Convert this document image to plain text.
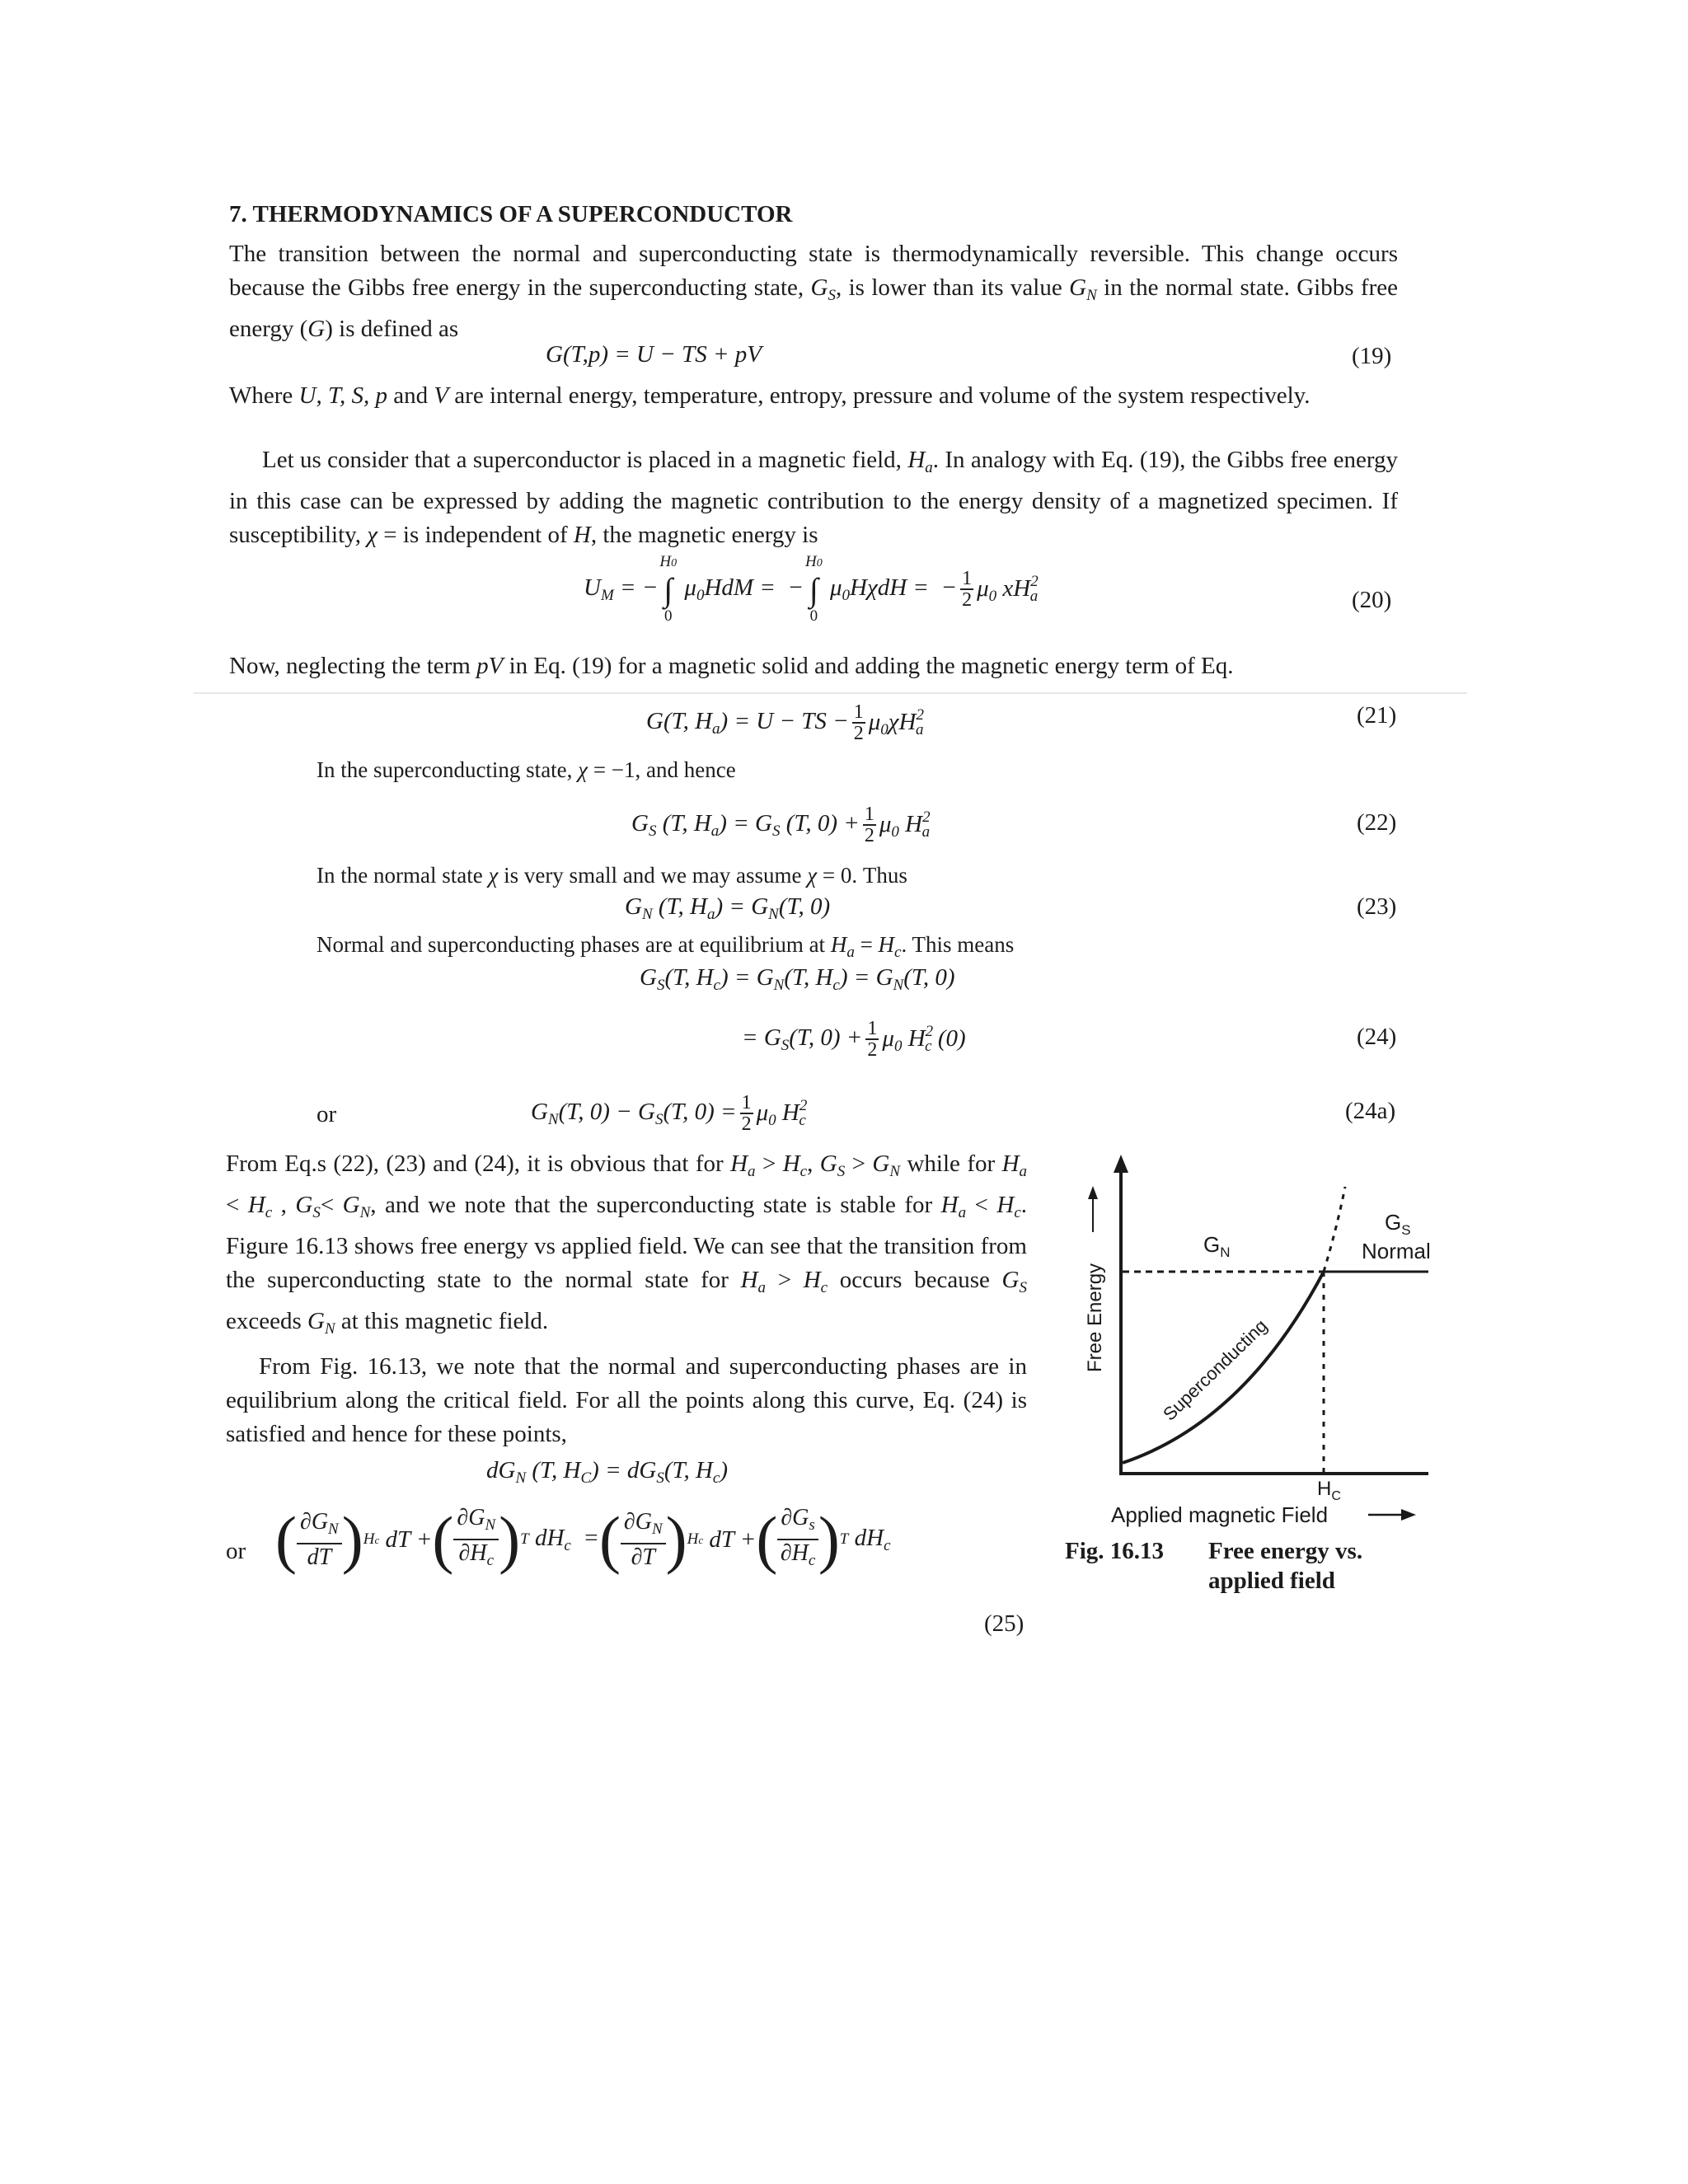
7. THERMODYNAMICS OF A SUPERCONDUCTOR
The transition between the normal and superconducting state is thermodynamically reversible. This change occurs because the Gibbs free energy in the superconducting state, $G_S$, is lower than its value $G_N$ in the normal state. Gibbs free energy (G) is defined as
G(T,p) = U − TS + pV	(19)
Where U, T, S, p and V are internal energy, temperature, entropy, pressure and volume of the system respectively.
Let us consider that a superconductor is placed in a magnetic field, $H_a$. In analogy with Eq. (19), the Gibbs free energy in this case can be expressed by adding the magnetic contribution to the energy density of a magnetized specimen. If susceptibility, χ = is independent of H, the magnetic energy is
$U_M$ = −
H0
∫
0
$\mu_0HdM$ =  −
H0
∫
0
$\mu_0H\chi dH$ =  − $\frac{1}{2} \mu_0$ $xH^2_a$	(20)
Now, neglecting the term pV in Eq. (19) for a magnetic solid and adding the magnetic energy term of Eq.
G(T, $H_a) = U$ − TS − $\frac{1}{2} \mu_0\chi H^2_a$
(21)
In the superconducting state, χ = −1, and hence
$G_S$ (T, $H_a) = G_S$ (T, $0) + \frac{1}{2} \mu_0$ $H^2_a$	(22)
In the normal state χ is very small and we may assume χ = 0. Thus
$G_N$ (T, $H_a) = G_N(T$, 0)	(23)
Normal and superconducting phases are at equilibrium at $H_a = H_c$. This means
$G_S(T$, $H_c) = G_N(T$, $H_c) = G_N(T$, 0)
= $G_S(T$, $0) + \frac{1}{2} \mu_0$ $H^2_c$ (0)	(24)
or	$G_N(T$, $0) - G_S(T$, $0) = \frac{1}{2} \mu_0$ $H^2_c$	(24a)
From Eq.s (22), (23) and (24), it is obvious that for $H_a > H_c$, $G_S > G_N$ while for $H_a < H_c$ , $G_S< G_N$, and we note that the superconducting state is stable for $H_a < H_c$. Figure 16.13 shows free energy vs applied field. We can see that the transition from the superconducting state to the normal state for $H_a > H_c$ occurs because $G_S$ exceeds $G_N$ at this magnetic field.
From Fig. 16.13, we note that the normal and superconducting phases are in equilibrium along the critical field. For all the points along this curve, Eq. (24) is satisfied and hence for these points,
$dG_N$ (T, $H_C) = dG_S(T$, $H_c$)
or ( $\partial G_N$
dT ) Hc dT + ( $\partial G_N$
$\partial H_c$ ) T $dH_c$  = ( $\partial G_N$
∂T ) Hc dT + ( $\partial G_s$
$\partial H_c$ ) T $dH_c$
(25)
$G_N$
$G_S$
Normal
Superconducting
Free Energy
$H_C$
Applied magnetic Field
Fig. 16.13 Free energy vs.
applied field
